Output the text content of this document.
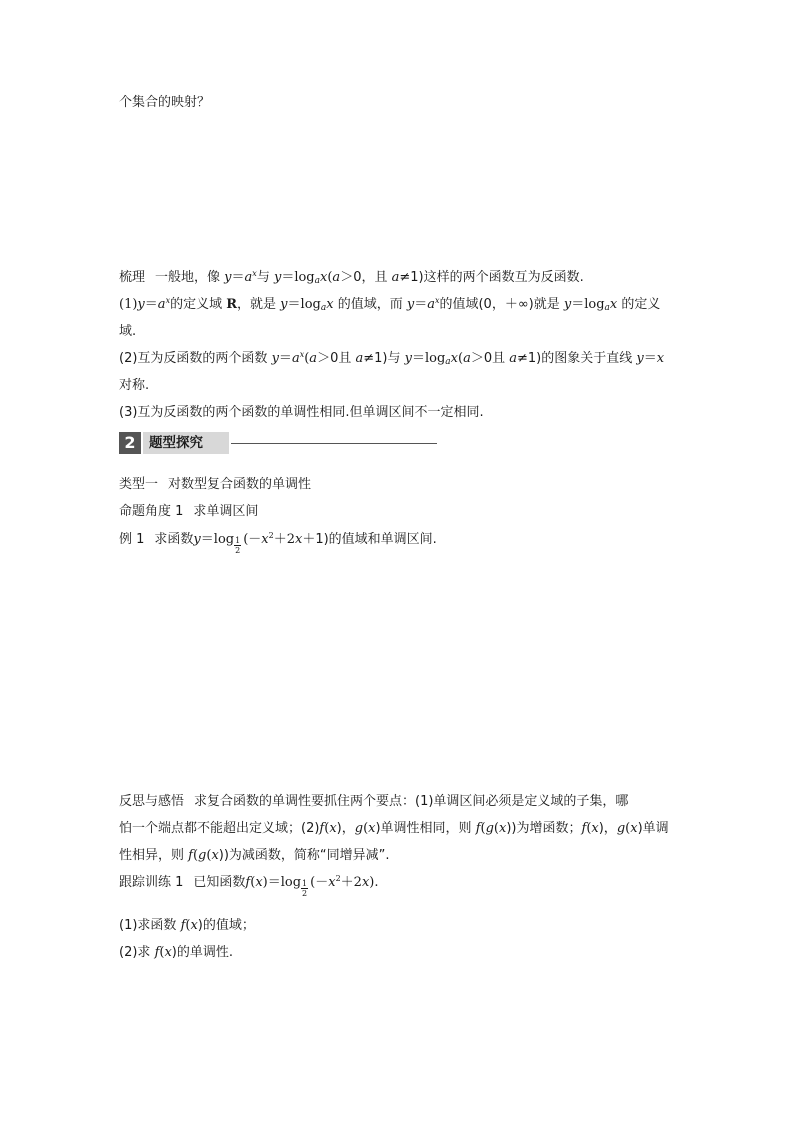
个集合的映射？
梳理 一般地，像 $y=a^x$与 $y=\log_ax(a>0$，且 a≠1)这样的两个函数互为反函数.
$(1)y=a^x$的定义域 R，就是 $y=\log_ax$ 的值域，而 $y=a^x$的值域(0，＋∞)就是 $y=\log_ax$ 的定义
域.
(2)互为反函数的两个函数 $y=a^x(a>0$且 a≠1)与 $y=\log_ax(a>0$且 a≠1)的图象关于直线 y＝x
对称.
(3)互为反函数的两个函数的单调性相同.但单调区间不一定相同.
2 题型探究
类型一 对数型复合函数的单调性
命题角度 1 求单调区间
例 1 求函数$y=\log \frac{1}{2} (-x^2+2x+1)$的值域和单调区间.
反思与感悟 求复合函数的单调性要抓住两个要点：(1)单调区间必须是定义域的子集，哪
怕一个端点都不能超出定义域；(2)f(x)，g(x)单调性相同，则 f(g(x))为增函数；f(x)，g(x)单调
性相异，则 f(g(x))为减函数，简称“同增异减”.
跟踪训练 1 已知函数$f(x)=\log \frac{1}{2} (-x^2+2x)$.
(1)求函数 f(x)的值域；
(2)求 f(x)的单调性.
